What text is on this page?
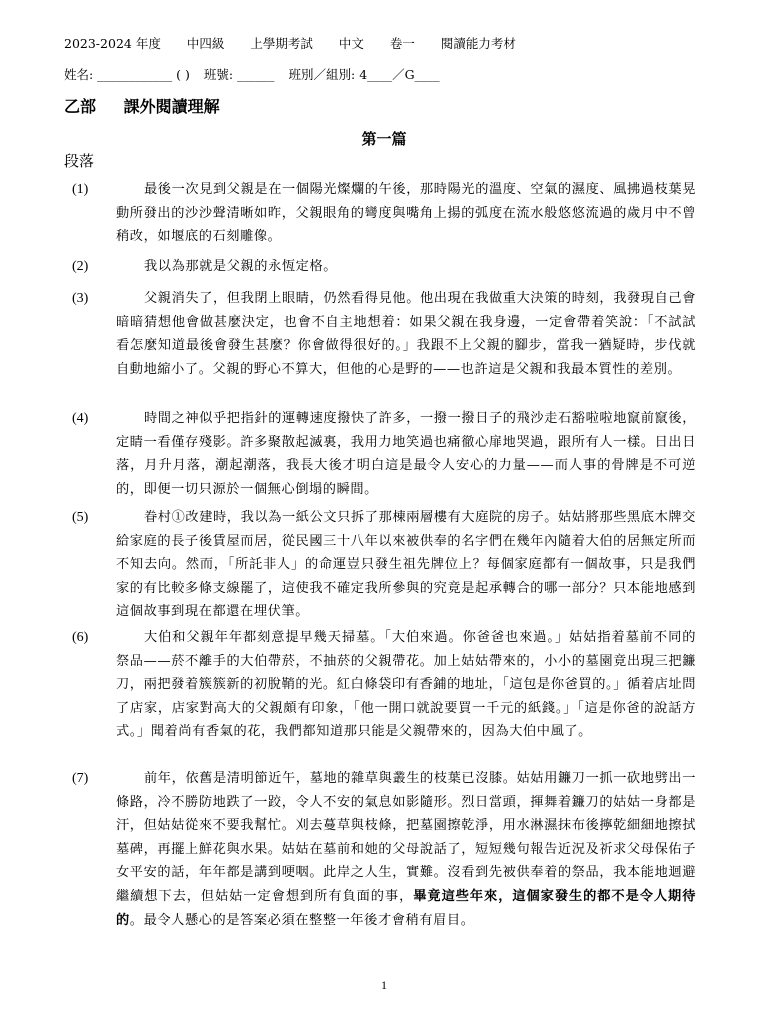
2023-2024 年度 中四級 上學期考試 中文 卷一 閱讀能力考材
姓名: ____________ ( ) 班號: ______ 班別／組別: 4____／G____
乙部 課外閱讀理解
第一篇
段落
(1)	最後一次見到父親是在一個陽光燦爛的午後，那時陽光的溫度、空氣的濕度、風拂過枝葉晃動所發出的沙沙聲清晰如昨，父親眼角的彎度與嘴角上揚的弧度在流水般悠悠流過的歲月中不曾稍改，如堰底的石刻雕像。
(2)	我以為那就是父親的永恆定格。
(3)	父親消失了，但我閉上眼睛，仍然看得見他。他出現在我做重大決策的時刻，我發現自己會暗暗猜想他會做甚麼決定，也會不自主地想着：如果父親在我身邊，一定會帶着笑說：「不試試看怎麼知道最後會發生甚麼？你會做得很好的。」我跟不上父親的腳步，當我一猶疑時，步伐就自動地縮小了。父親的野心不算大，但他的心是野的——也許這是父親和我最本質性的差別。
(4)	時間之神似乎把指針的運轉速度撥快了許多，一撥一撥日子的飛沙走石豁啦啦地竄前竄後，定睛一看僅存殘影。許多聚散起滅裏，我用力地笑過也痛徹心扉地哭過，跟所有人一樣。日出日落，月升月落，潮起潮落，我長大後才明白這是最令人安心的力量——而人事的骨牌是不可逆的，即便一切只源於一個無心倒塌的瞬間。
(5)	眷村①改建時，我以為一紙公文只拆了那棟兩層樓有大庭院的房子。姑姑將那些黑底木牌交給家庭的長子後賃屋而居，從民國三十八年以來被供奉的名字們在幾年內隨着大伯的居無定所而不知去向。然而，「所託非人」的命運豈只發生祖先牌位上？每個家庭都有一個故事，只是我們家的有比較多條支線罷了，這使我不確定我所參與的究竟是起承轉合的哪一部分？只本能地感到這個故事到現在都還在埋伏筆。
(6)	大伯和父親年年都刻意提早幾天掃墓。「大伯來過。你爸爸也來過。」姑姑指着墓前不同的祭品——菸不離手的大伯帶菸，不抽菸的父親帶花。加上姑姑帶來的，小小的墓園竟出現三把鐮刀，兩把發着簇簇新的初脫鞘的光。紅白條袋印有香鋪的地址，「這包是你爸買的。」循着店址問了店家，店家對高大的父親頗有印象，「他一開口就說要買一千元的紙錢。」「這是你爸的說話方式。」聞着尚有香氣的花，我們都知道那只能是父親帶來的，因為大伯中風了。
(7)	前年，依舊是清明節近午，墓地的雜草與叢生的枝葉已沒膝。姑姑用鐮刀一抓一砍地劈出一條路，冷不勝防地跌了一跤，令人不安的氣息如影隨形。烈日當頭，揮舞着鐮刀的姑姑一身都是汗，但姑姑從來不要我幫忙。刈去蔓草與枝條，把墓園擦乾淨，用水淋濕抹布後擰乾細細地擦拭墓碑，再擺上鮮花與水果。姑姑在墓前和她的父母說話了，短短幾句報告近況及祈求父母保佑子女平安的話，年年都是講到哽咽。此岸之人生，實難。沒看到先被供奉着的祭品，我本能地迴避繼續想下去，但姑姑一定會想到所有負面的事，畢竟這些年來，這個家發生的都不是令人期待的。最令人懸心的是答案必須在整整一年後才會稍有眉目。
1
